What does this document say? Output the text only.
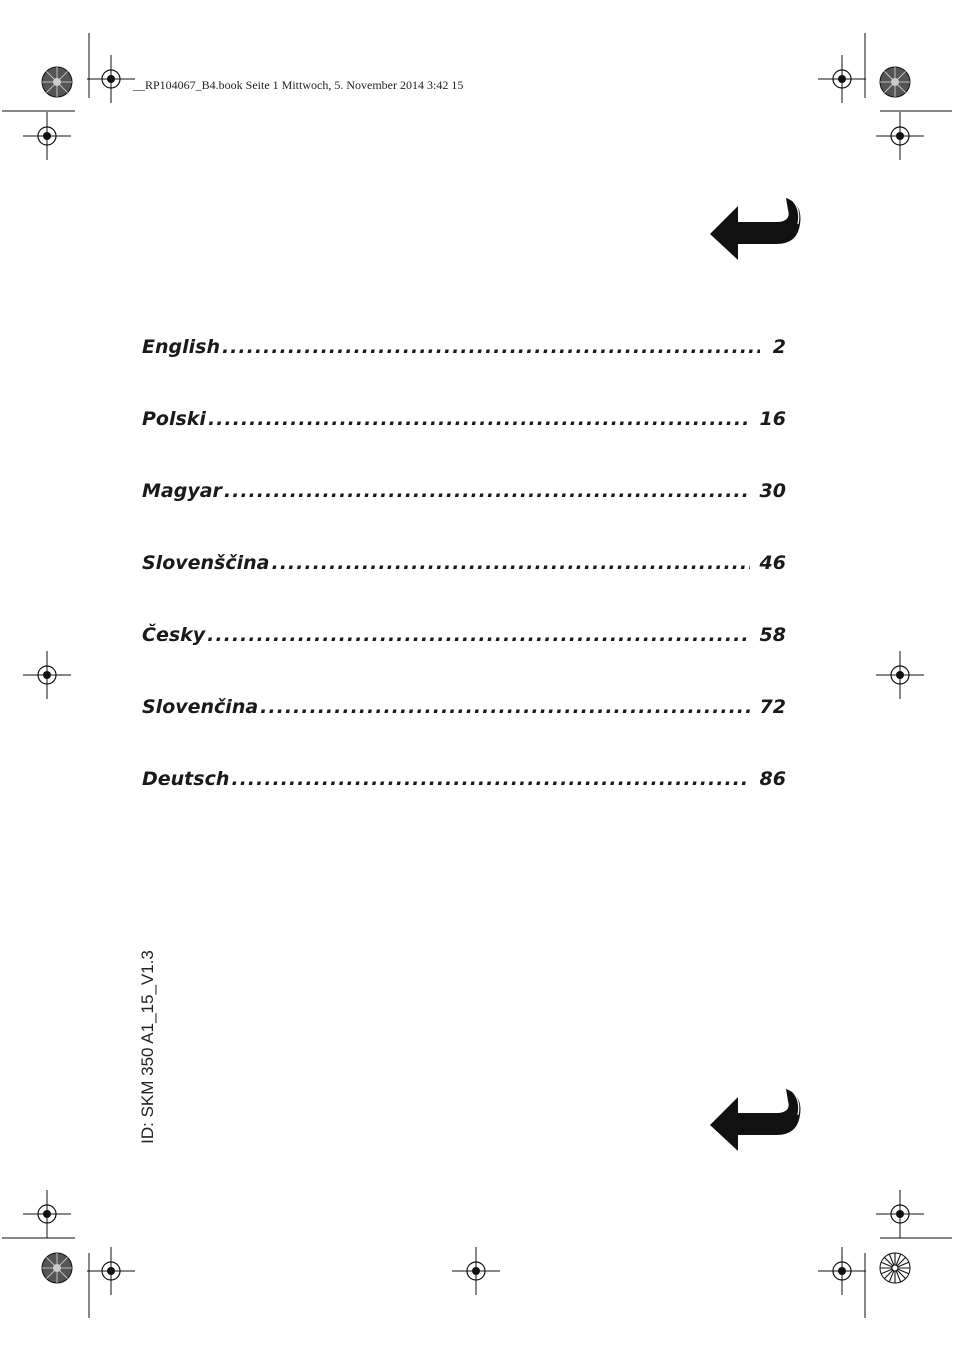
__RP104067_B4.book Seite 1 Mittwoch, 5. November 2014 3:42 15
English .....	2
Polski .....	16
Magyar .....	30
Slovenščina .....	46
Česky .....	58
Slovenčina .....	72
Deutsch .....	86
ID: SKM 350 A1_15_V1.3
